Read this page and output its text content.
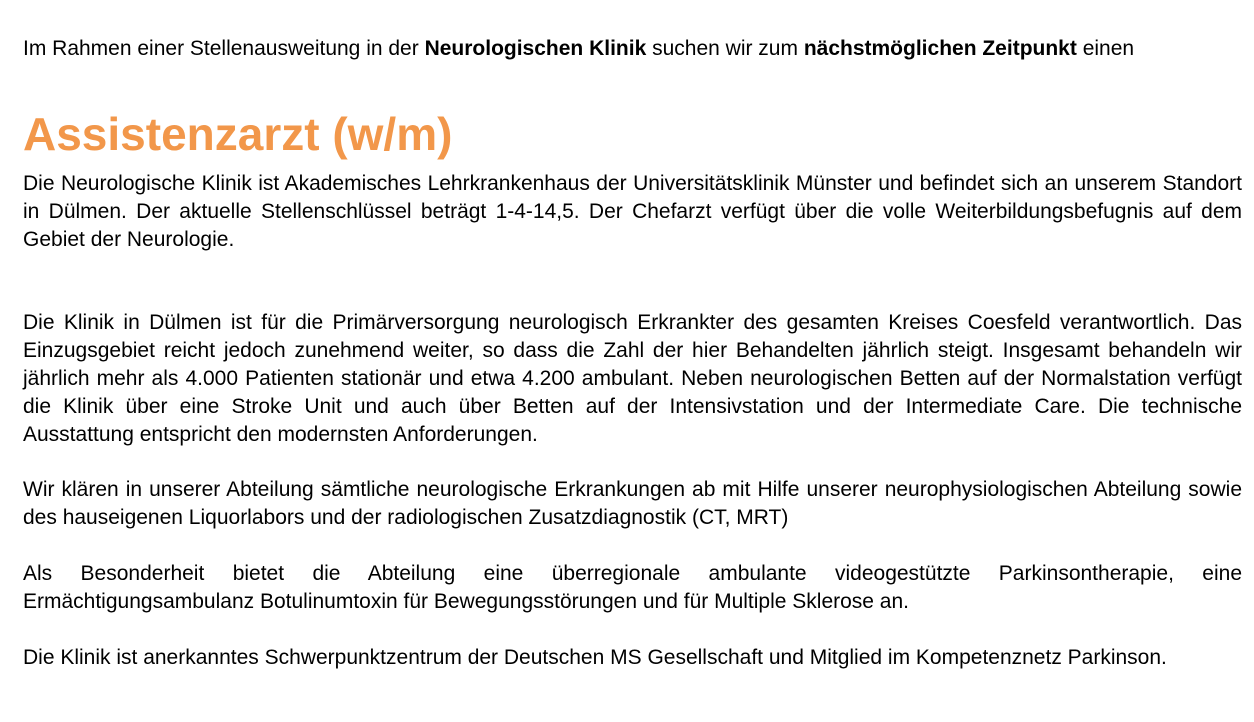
Im Rahmen einer Stellenausweitung in der Neurologischen Klinik suchen wir zum nächstmöglichen Zeitpunkt einen

Assistenzarzt (w/m)

Die Neurologische Klinik ist Akademisches Lehrkrankenhaus der Universitätsklinik Münster und befindet sich an unserem Standort in Dülmen. Der aktuelle Stellenschlüssel beträgt 1-4-14,5. Der Chefarzt verfügt über die volle Weiterbildungsbefugnis auf dem Gebiet der Neurologie.

Die Klinik in Dülmen ist für die Primärversorgung neurologisch Erkrankter des gesamten Kreises Coesfeld verantwortlich. Das Einzugsgebiet reicht jedoch zunehmend weiter, so dass die Zahl der hier Behandelten jährlich steigt. Insgesamt behandeln wir jährlich mehr als 4.000 Patienten stationär und etwa 4.200 ambulant. Neben neurologischen Betten auf der Normalstation verfügt die Klinik über eine Stroke Unit und auch über Betten auf der Intensivstation und der Intermediate Care. Die technische Ausstattung entspricht den modernsten Anforderungen.

Wir klären in unserer Abteilung sämtliche neurologische Erkrankungen ab mit Hilfe unserer neurophysiologischen Abteilung sowie des hauseigenen Liquorlabors und der radiologischen Zusatzdiagnostik (CT, MRT)

Als Besonderheit bietet die Abteilung eine überregionale ambulante videogestützte Parkinsontherapie, eine Ermächtigungsambulanz Botulinumtoxin für Bewegungsstörungen und für Multiple Sklerose an.

Die Klinik ist anerkanntes Schwerpunktzentrum der Deutschen MS Gesellschaft und Mitglied im Kompetenznetz Parkinson.
